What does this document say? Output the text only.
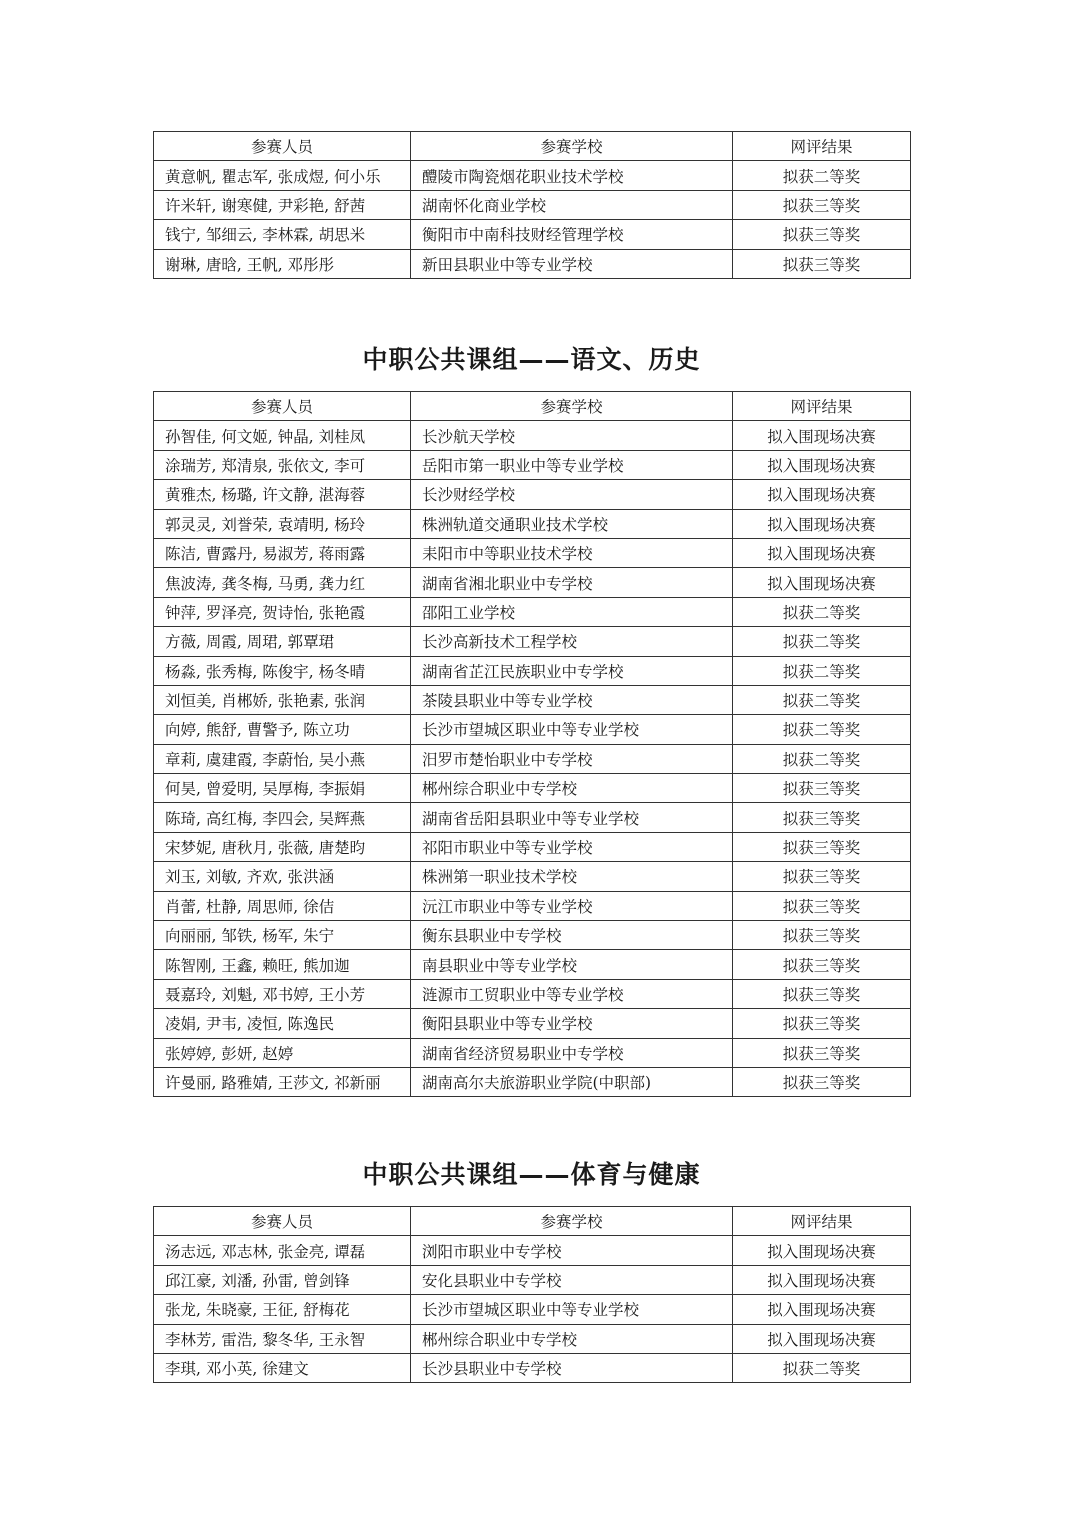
参赛人员	参赛学校	网评结果
黄意帆, 瞿志军, 张成煜, 何小乐	醴陵市陶瓷烟花职业技术学校	拟获二等奖
许米轩, 谢寒健, 尹彩艳, 舒茜	湖南怀化商业学校	拟获三等奖
钱宁, 邹细云, 李林霖, 胡思米	衡阳市中南科技财经管理学校	拟获三等奖
谢琳, 唐晗, 王帆, 邓彤彤	新田县职业中等专业学校	拟获三等奖
中职公共课组——语文、历史
参赛人员	参赛学校	网评结果
孙智佳, 何文姬, 钟晶, 刘桂凤	长沙航天学校	拟入围现场决赛
涂瑞芳, 郑清泉, 张依文, 李可	岳阳市第一职业中等专业学校	拟入围现场决赛
黄雅杰, 杨璐, 许文静, 湛海蓉	长沙财经学校	拟入围现场决赛
郭灵灵, 刘誉荣, 袁靖明, 杨玲	株洲轨道交通职业技术学校	拟入围现场决赛
陈洁, 曹露丹, 易淑芳, 蒋雨露	耒阳市中等职业技术学校	拟入围现场决赛
焦波涛, 龚冬梅, 马勇, 龚力红	湖南省湘北职业中专学校	拟入围现场决赛
钟萍, 罗泽亮, 贺诗怡, 张艳霞	邵阳工业学校	拟获二等奖
方薇, 周霞, 周珺, 郭覃珺	长沙高新技术工程学校	拟获二等奖
杨淼, 张秀梅, 陈俊宇, 杨冬晴	湖南省芷江民族职业中专学校	拟获二等奖
刘恒美, 肖郴娇, 张艳素, 张润	茶陵县职业中等专业学校	拟获二等奖
向婷, 熊舒, 曹警予, 陈立功	长沙市望城区职业中等专业学校	拟获二等奖
章莉, 虞建霞, 李蔚怡, 吴小燕	汨罗市楚怡职业中专学校	拟获二等奖
何昊, 曾爱明, 吴厚梅, 李振娟	郴州综合职业中专学校	拟获三等奖
陈琦, 高红梅, 李四会, 吴辉燕	湖南省岳阳县职业中等专业学校	拟获三等奖
宋梦妮, 唐秋月, 张薇, 唐楚昀	祁阳市职业中等专业学校	拟获三等奖
刘玉, 刘敏, 齐欢, 张洪涵	株洲第一职业技术学校	拟获三等奖
肖蕾, 杜静, 周思师, 徐佶	沅江市职业中等专业学校	拟获三等奖
向丽丽, 邹铁, 杨军, 朱宁	衡东县职业中专学校	拟获三等奖
陈智刚, 王鑫, 赖旺, 熊加迦	南县职业中等专业学校	拟获三等奖
聂嘉玲, 刘魁, 邓书婷, 王小芳	涟源市工贸职业中等专业学校	拟获三等奖
凌娟, 尹韦, 凌恒, 陈逸民	衡阳县职业中等专业学校	拟获三等奖
张婷婷, 彭妍, 赵婷	湖南省经济贸易职业中专学校	拟获三等奖
许曼丽, 路雅婧, 王莎文, 祁新丽	湖南高尔夫旅游职业学院(中职部)	拟获三等奖
中职公共课组——体育与健康
参赛人员	参赛学校	网评结果
汤志远, 邓志林, 张金亮, 谭磊	浏阳市职业中专学校	拟入围现场决赛
邱江豪, 刘潘, 孙雷, 曾剑锋	安化县职业中专学校	拟入围现场决赛
张龙, 朱晓豪, 王征, 舒梅花	长沙市望城区职业中等专业学校	拟入围现场决赛
李林芳, 雷浩, 黎冬华, 王永智	郴州综合职业中专学校	拟入围现场决赛
李琪, 邓小英, 徐建文	长沙县职业中专学校	拟获二等奖
